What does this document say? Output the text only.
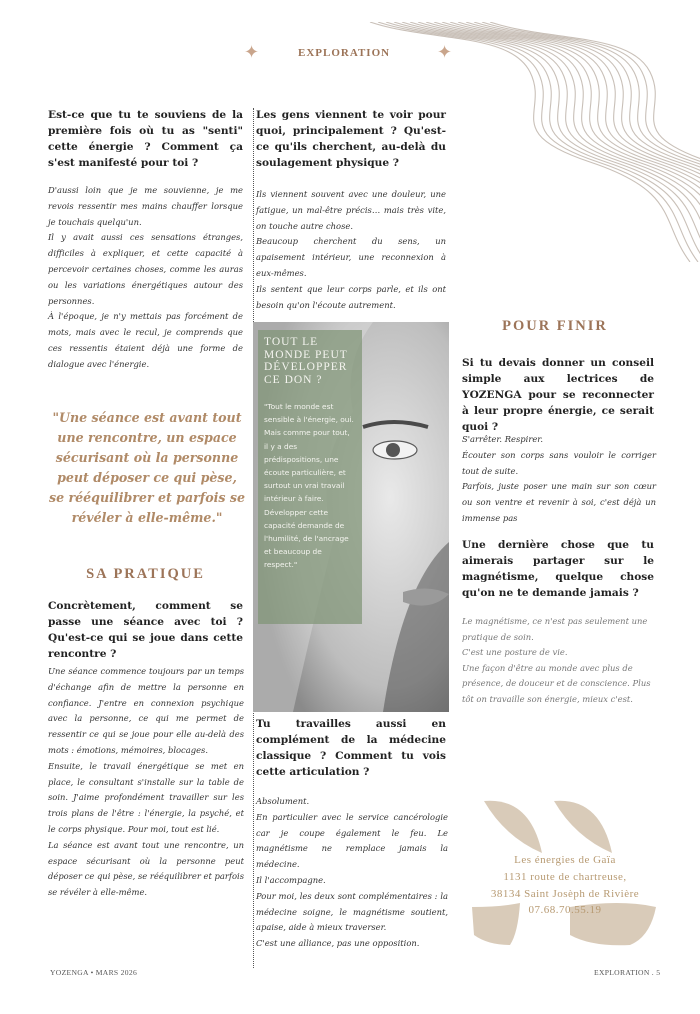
✦	EXPLORATION	✦

Est-ce que tu te souviens de la première fois où tu as "senti" cette énergie ? Comment ça s'est manifesté pour toi ?

D'aussi loin que je me souvienne, je me revois ressentir mes mains chauffer lorsque je touchais quelqu'un.
Il y avait aussi ces sensations étranges, difficiles à expliquer, et cette capacité à percevoir certaines choses, comme les auras ou les variations énergétiques autour des personnes.
À l'époque, je n'y mettais pas forcément de mots, mais avec le recul, je comprends que ces ressentis étaient déjà une forme de dialogue avec l'énergie.

"Une séance est avant tout une rencontre, un espace sécurisant où la personne peut déposer ce qui pèse, se rééquilibrer et parfois se révéler à elle-même."

SA PRATIQUE

Concrètement, comment se passe une séance avec toi ? Qu'est-ce qui se joue dans cette rencontre ?

Une séance commence toujours par un temps d'échange afin de mettre la personne en confiance. J'entre en connexion psychique avec la personne, ce qui me permet de ressentir ce qui se joue pour elle au-delà des mots : émotions, mémoires, blocages.
Ensuite, le travail énergétique se met en place, le consultant s'installe sur la table de soin. J'aime profondément travailler sur les trois plans de l'être : l'énergie, la psyché, et le corps physique. Pour moi, tout est lié.
La séance est avant tout une rencontre, un espace sécurisant où la personne peut déposer ce qui pèse, se rééquilibrer et parfois se révéler à elle-même.

Les gens viennent te voir pour quoi, principalement ? Qu'est-ce qu'ils cherchent, au-delà du soulagement physique ?

Ils viennent souvent avec une douleur, une fatigue, un mal-être précis… mais très vite, on touche autre chose.
Beaucoup cherchent du sens, un apaisement intérieur, une reconnexion à eux-mêmes.
Ils sentent que leur corps parle, et ils ont besoin qu'on l'écoute autrement.

TOUT LE MONDE PEUT DÉVELOPPER CE DON ?

"Tout le monde est sensible à l'énergie, oui. Mais comme pour tout, il y a des prédispositions, une écoute particulière, et surtout un vrai travail intérieur à faire. Développer cette capacité demande de l'humilité, de l'ancrage et beaucoup de respect."

Tu travailles aussi en complément de la médecine classique ? Comment tu vois cette articulation ?

Absolument.
En particulier avec le service cancérologie car je coupe également le feu. Le magnétisme ne remplace jamais la médecine.
Il l'accompagne.
Pour moi, les deux sont complémentaires : la médecine soigne, le magnétisme soutient, apaise, aide à mieux traverser.
C'est une alliance, pas une opposition.

POUR FINIR

Si tu devais donner un conseil simple aux lectrices de YOZENGA pour se reconnecter à leur propre énergie, ce serait quoi ?

S'arrêter. Respirer.
Écouter son corps sans vouloir le corriger tout de suite.
Parfois, juste poser une main sur son cœur ou son ventre et revenir à soi, c'est déjà un immense pas

Une dernière chose que tu aimerais partager sur le magnétisme, quelque chose qu'on ne te demande jamais ?

Le magnétisme, ce n'est pas seulement une pratique de soin.
C'est une posture de vie.
Une façon d'être au monde avec plus de présence, de douceur et de conscience. Plus tôt on travaille son énergie, mieux c'est.

Les énergies de Gaïa
1131 route de chartreuse,
38134 Saint Josèph de Rivière
07.68.70.55.19
YOZENGA • MARS 2026	EXPLORATION . 5
